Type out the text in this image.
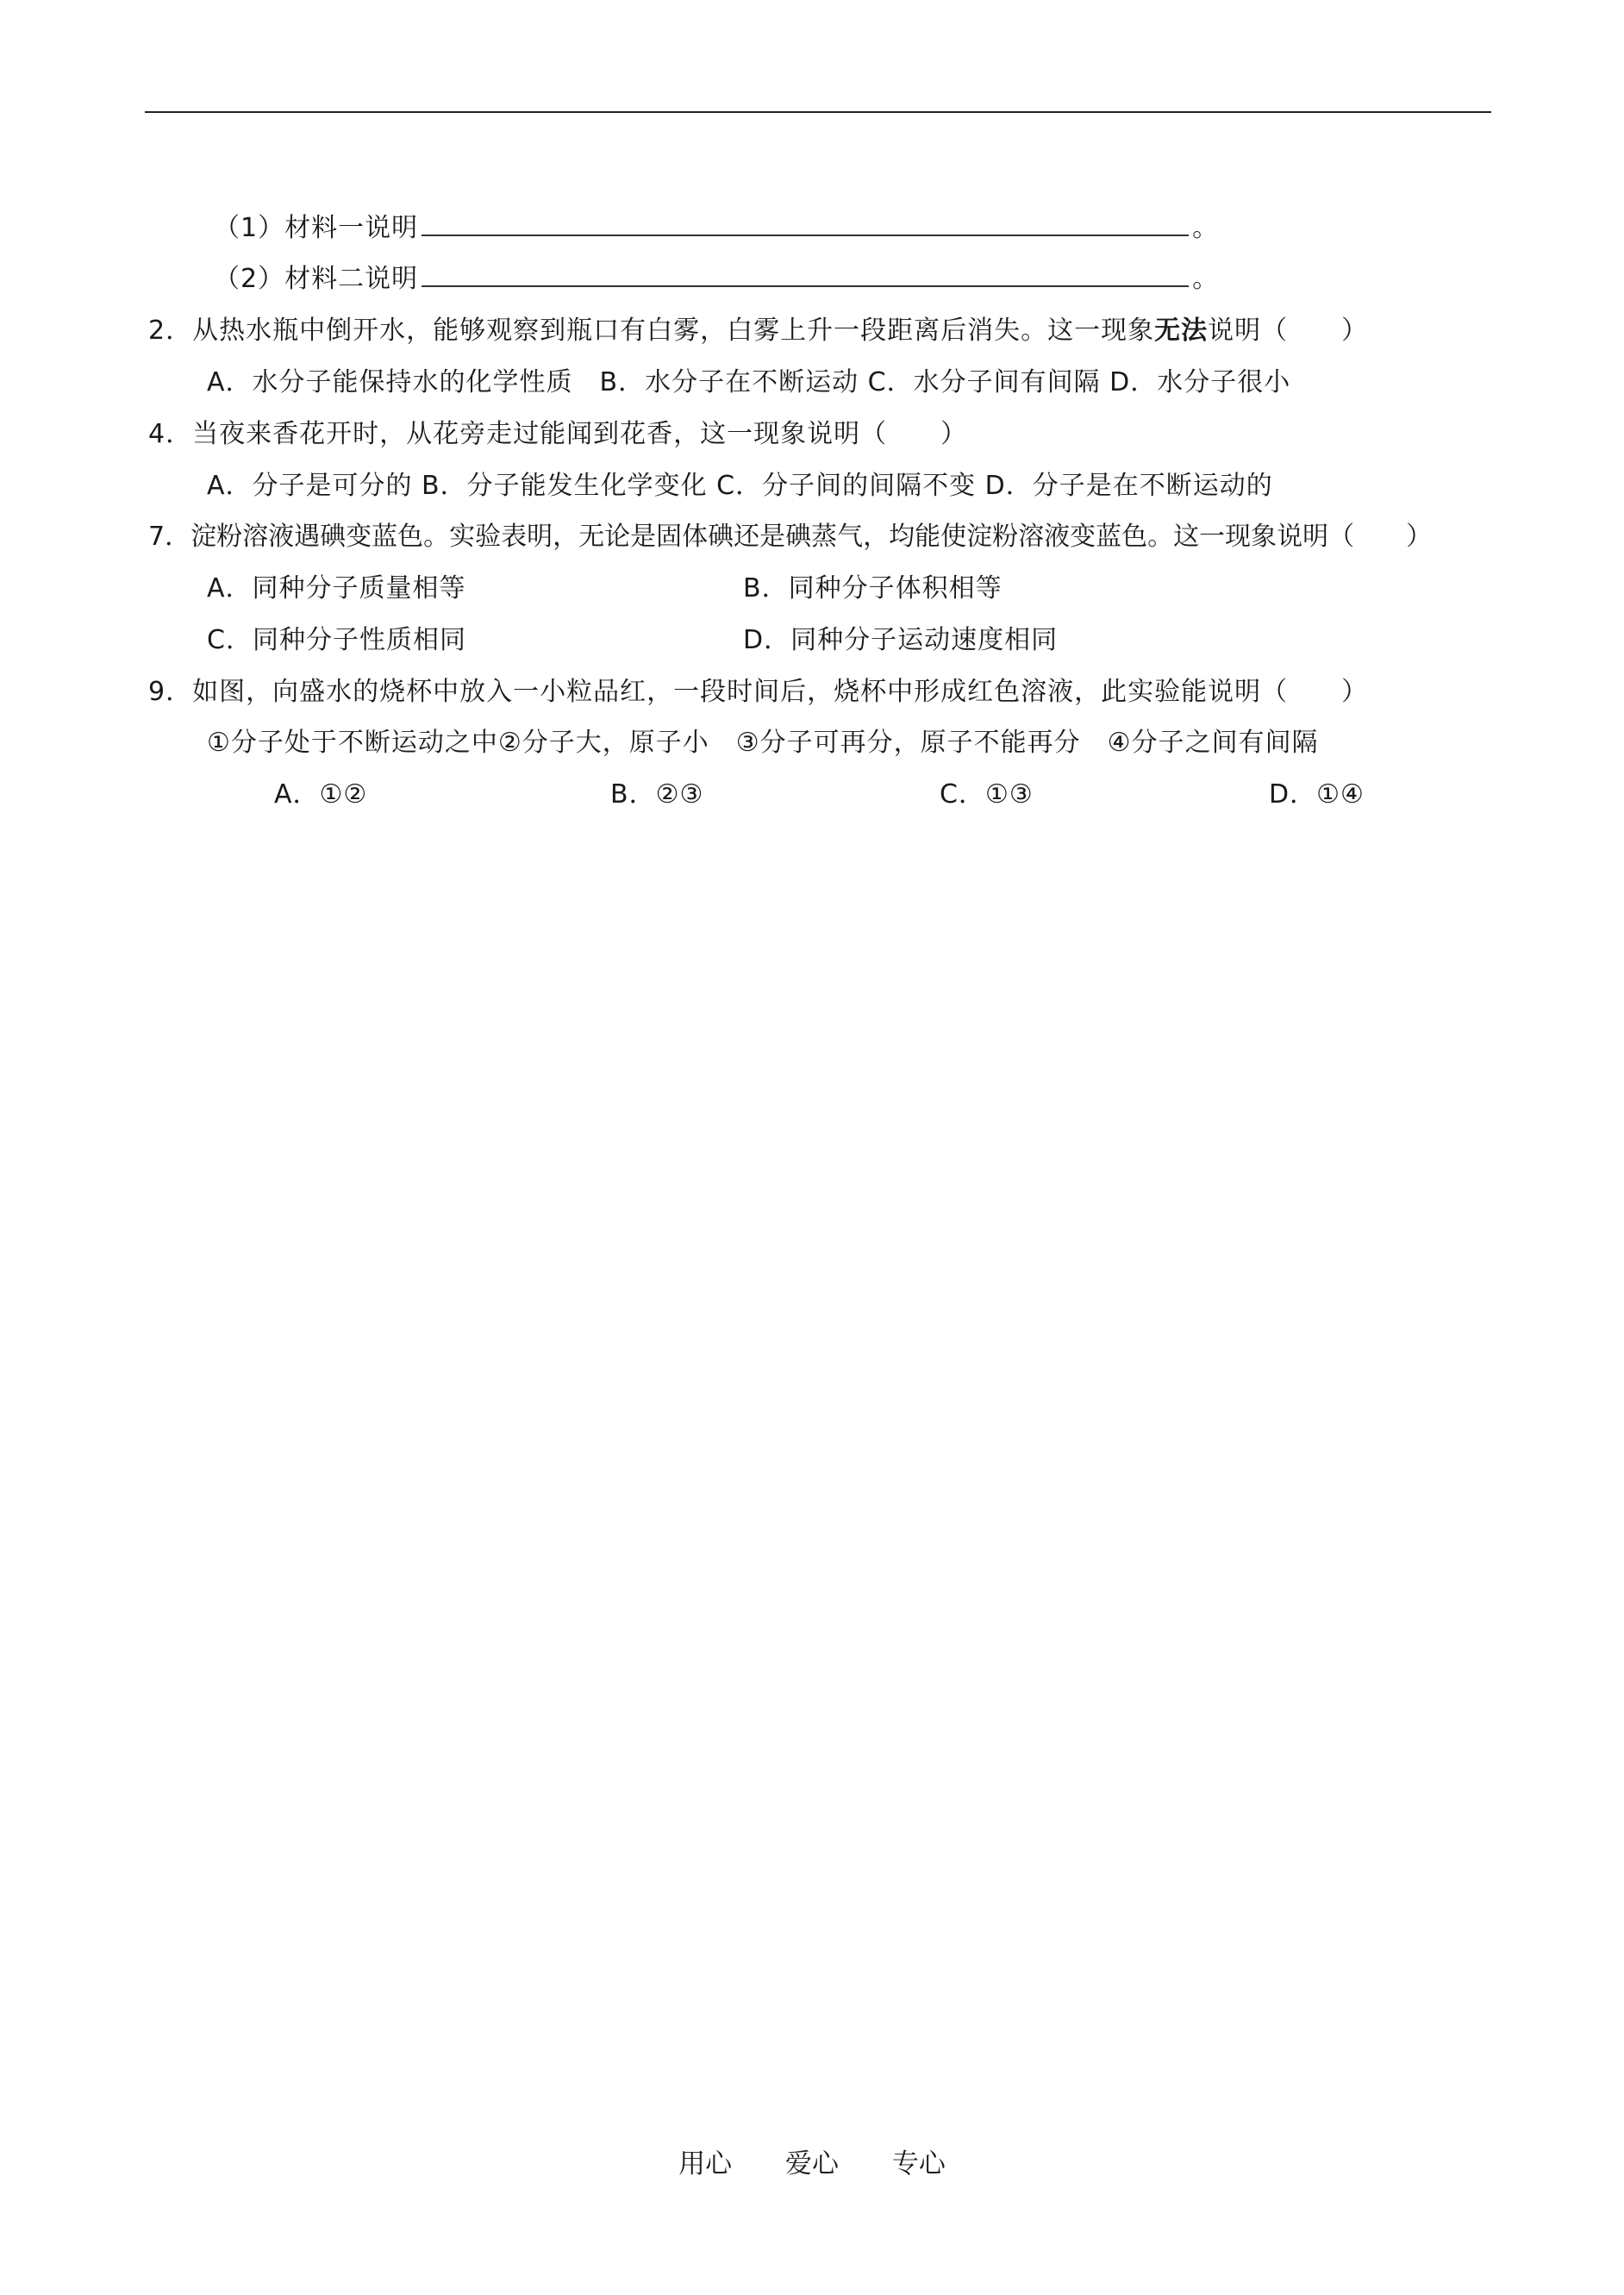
（1）材料一说明	。
（2）材料二说明	。
2．从热水瓶中倒开水，能够观察到瓶口有白雾，白雾上升一段距离后消失。这一现象无法说明（　　）
A．水分子能保持水的化学性质　B．水分子在不断运动 C．水分子间有间隔 D．水分子很小
4．当夜来香花开时，从花旁走过能闻到花香，这一现象说明（　　）
A．分子是可分的 B．分子能发生化学变化 C．分子间的间隔不变 D．分子是在不断运动的
7．淀粉溶液遇碘变蓝色。实验表明，无论是固体碘还是碘蒸气，均能使淀粉溶液变蓝色。这一现象说明（　　）
A．同种分子质量相等	B．同种分子体积相等
C．同种分子性质相同	D．同种分子运动速度相同
9．如图，向盛水的烧杯中放入一小粒品红，一段时间后，烧杯中形成红色溶液，此实验能说明（　　）
①分子处于不断运动之中②分子大，原子小　③分子可再分，原子不能再分　④分子之间有间隔
A．①②	B．②③	C．①③	D．①④
用心 爱心 专心
